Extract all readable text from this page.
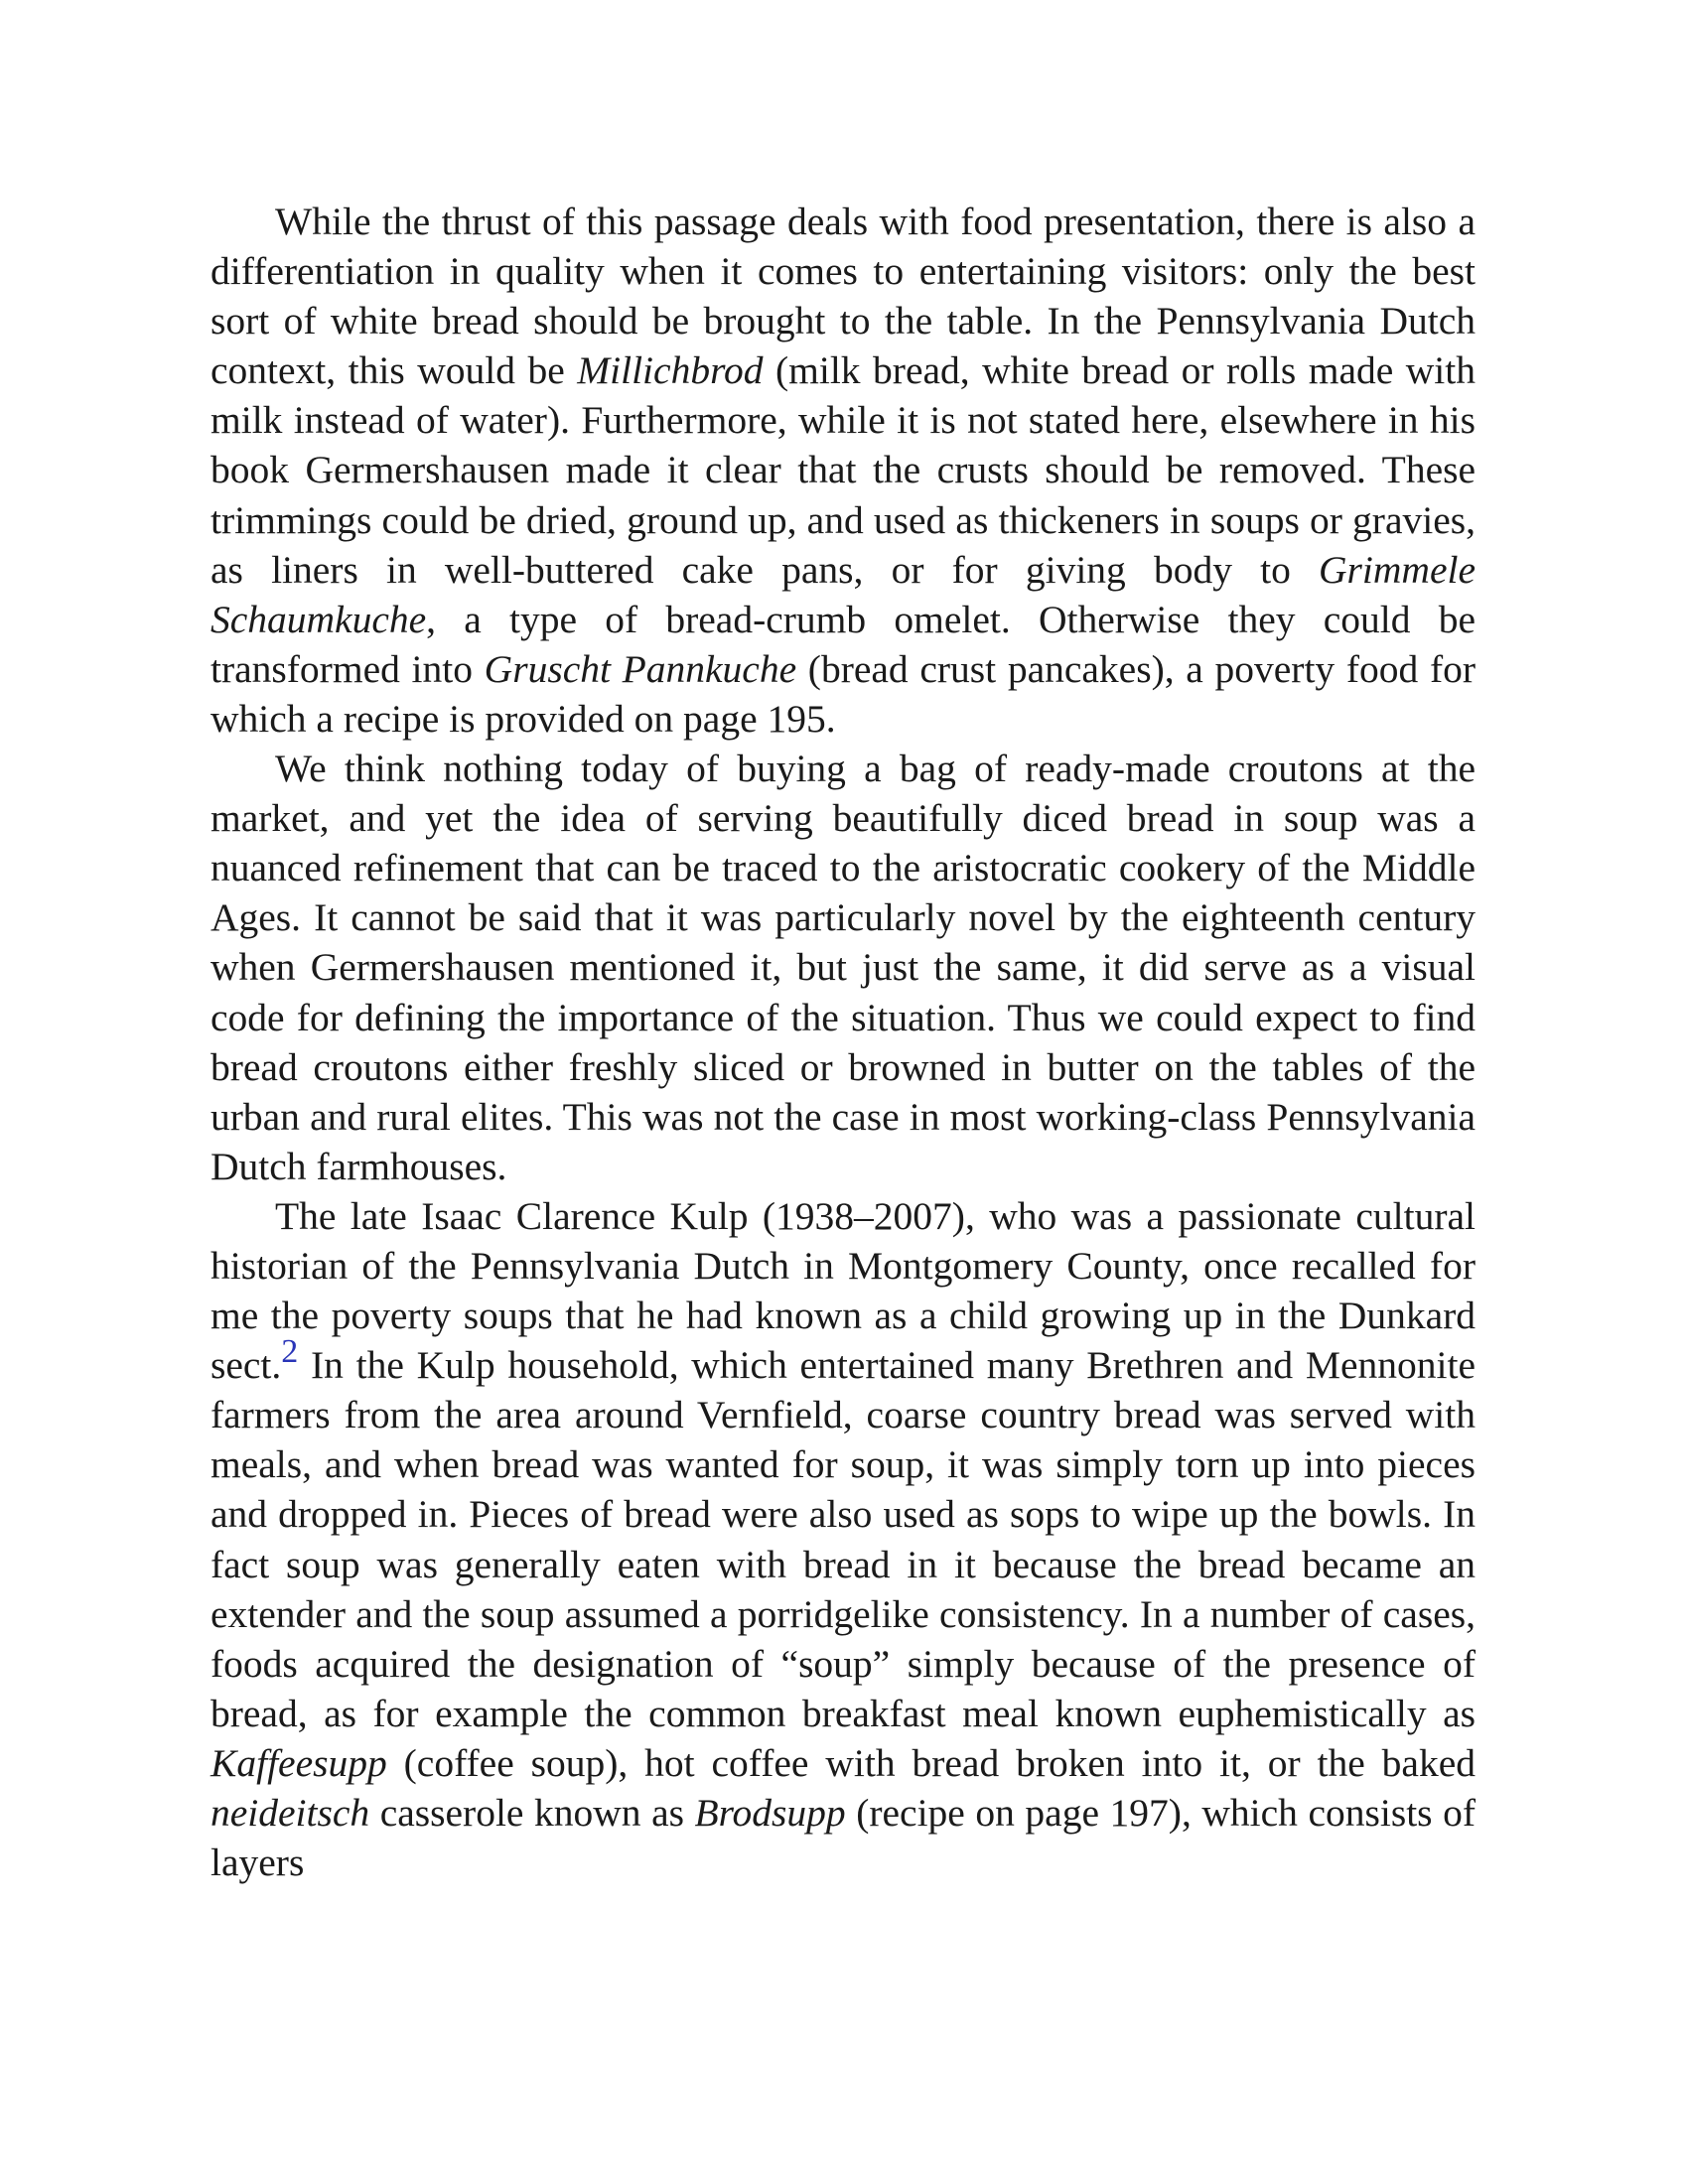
While the thrust of this passage deals with food presentation, there is also a differentiation in quality when it comes to entertaining visitors: only the best sort of white bread should be brought to the table. In the Pennsylvania Dutch context, this would be Millichbrod (milk bread, white bread or rolls made with milk instead of water). Furthermore, while it is not stated here, elsewhere in his book Germershausen made it clear that the crusts should be removed. These trimmings could be dried, ground up, and used as thickeners in soups or gravies, as liners in well-buttered cake pans, or for giving body to Grimmele Schaumkuche, a type of bread-crumb omelet. Otherwise they could be transformed into Gruscht Pannkuche (bread crust pancakes), a poverty food for which a recipe is provided on page 195.

We think nothing today of buying a bag of ready-made croutons at the market, and yet the idea of serving beautifully diced bread in soup was a nuanced refinement that can be traced to the aristocratic cookery of the Middle Ages. It cannot be said that it was particularly novel by the eighteenth century when Germershausen mentioned it, but just the same, it did serve as a visual code for defining the importance of the situation. Thus we could expect to find bread croutons either freshly sliced or browned in butter on the tables of the urban and rural elites. This was not the case in most working-class Pennsylvania Dutch farmhouses.

The late Isaac Clarence Kulp (1938–2007), who was a passionate cultural historian of the Pennsylvania Dutch in Montgomery County, once recalled for me the poverty soups that he had known as a child growing up in the Dunkard sect.2 In the Kulp household, which entertained many Brethren and Mennonite farmers from the area around Vernfield, coarse country bread was served with meals, and when bread was wanted for soup, it was simply torn up into pieces and dropped in. Pieces of bread were also used as sops to wipe up the bowls. In fact soup was generally eaten with bread in it because the bread became an extender and the soup assumed a porridgelike consistency. In a number of cases, foods acquired the designation of “soup” simply because of the presence of bread, as for example the common breakfast meal known euphemistically as Kaffeesupp (coffee soup), hot coffee with bread broken into it, or the baked neideitsch casserole known as Brodsupp (recipe on page 197), which consists of layers
